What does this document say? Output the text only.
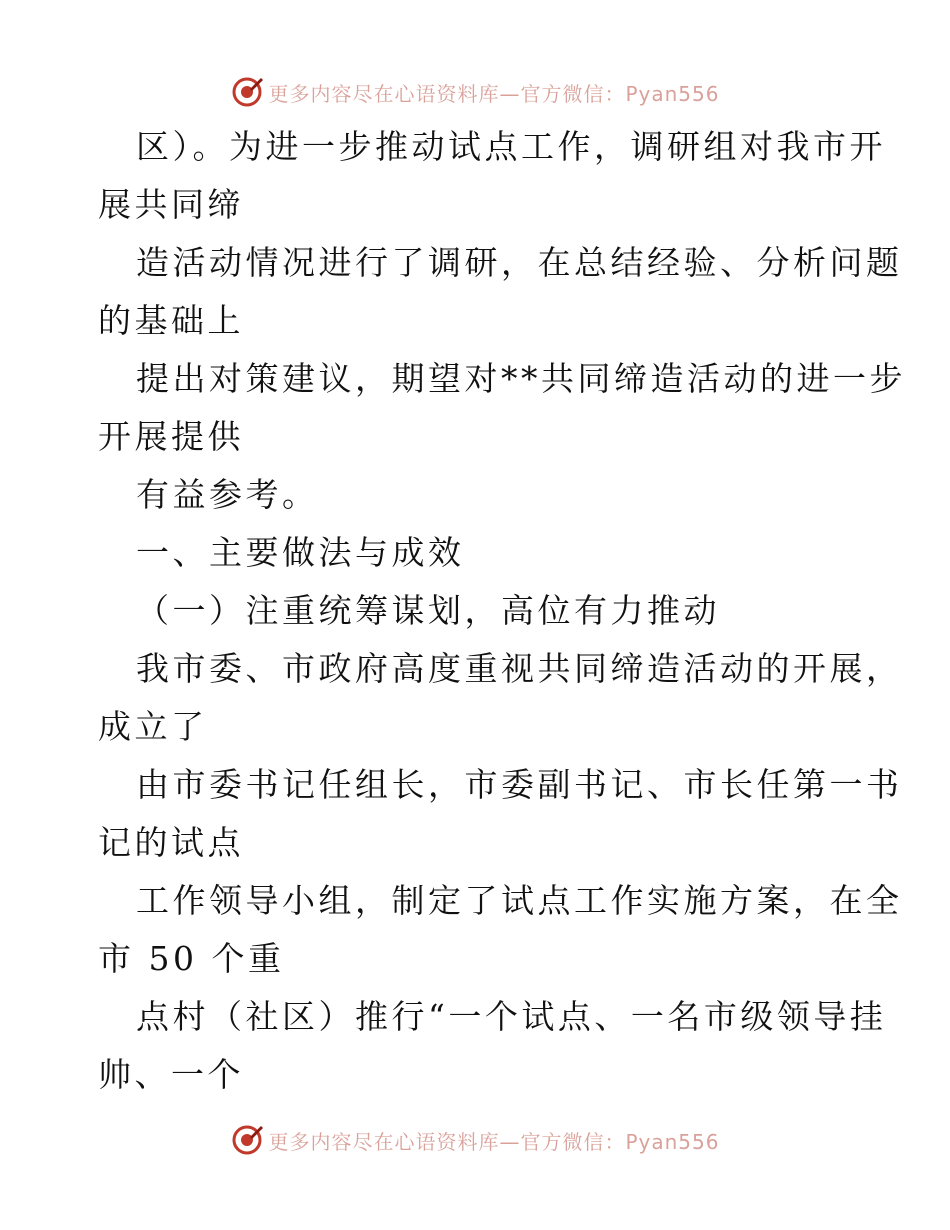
更多内容尽在心语资料库—官方微信：Pyan556
区）。为进一步推动试点工作，调研组对我市开
展共同缔
造活动情况进行了调研，在总结经验、分析问题
的基础上
提出对策建议，期望对**共同缔造活动的进一步
开展提供
有益参考。
一、主要做法与成效
（一）注重统筹谋划，高位有力推动
我市委、市政府高度重视共同缔造活动的开展，
成立了
由市委书记任组长，市委副书记、市长任第一书
记的试点
工作领导小组，制定了试点工作实施方案，在全
市 50 个重
点村（社区）推行“一个试点、一名市级领导挂
帅、一个
更多内容尽在心语资料库—官方微信：Pyan556
